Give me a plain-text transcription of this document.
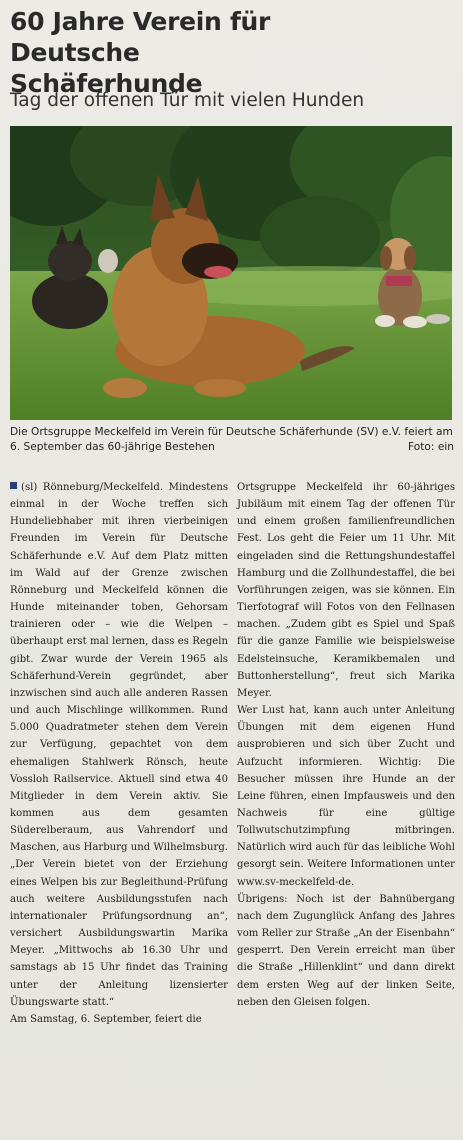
60 Jahre Verein für Deutsche
Schäferhunde
Tag der offenen Tür mit vielen Hunden
Die Ortsgruppe Meckelfeld im Verein für Deutsche Schäferhunde (SV) e.V. feiert am 6. September das 60-jährige Bestehen	Foto: ein

(sl) Rönneburg/Meckelfeld. Mindestens einmal in der Woche treffen sich Hundeliebhaber mit ihren vierbeinigen Freunden im Verein für Deutsche Schäferhunde e.V. Auf dem Platz mitten im Wald auf der Grenze zwischen Rönneburg und Meckelfeld können die Hunde miteinander toben, Gehorsam trainieren oder – wie die Welpen – überhaupt erst mal lernen, dass es Regeln gibt. Zwar wurde der Verein 1965 als Schäferhund-Verein gegründet, aber inzwischen sind auch alle anderen Rassen und auch Mischlinge willkommen. Rund 5.000 Quadratmeter stehen dem Verein zur Verfügung, gepachtet von dem ehemaligen Stahlwerk Rönsch, heute Vossloh Railservice. Aktuell sind etwa 40 Mitglieder in dem Verein aktiv. Sie kommen aus dem gesamten Süderelberaum, aus Vahrendorf und Maschen, aus Harburg und Wilhelmsburg. „Der Verein bietet von der Erziehung eines Welpen bis zur Begleithund-Prüfung auch weitere Ausbildungsstufen nach internationaler Prüfungsordnung an“, versichert Ausbildungswartin Marika Meyer. „Mittwochs ab 16.30 Uhr und samstags ab 15 Uhr findet das Training unter der Anleitung lizensierter Übungswarte statt.“

Am Samstag, 6. September, feiert die

Ortsgruppe Meckelfeld ihr 60-jähriges Jubiläum mit einem Tag der offenen Tür und einem großen familienfreundlichen Fest. Los geht die Feier um 11 Uhr. Mit eingeladen sind die Rettungshundestaffel Hamburg und die Zollhundestaffel, die bei Vorführungen zeigen, was sie können. Ein Tierfotograf will Fotos von den Fellnasen machen. „Zudem gibt es Spiel und Spaß für die ganze Familie wie beispielsweise Edelsteinsuche, Keramikbemalen und Buttonherstellung“, freut sich Marika Meyer.

Wer Lust hat, kann auch unter Anleitung Übungen mit dem eigenen Hund ausprobieren und sich über Zucht und Aufzucht informieren. Wichtig: Die Besucher müssen ihre Hunde an der Leine führen, einen Impfausweis und den Nachweis für eine gültige Tollwutschutzimpfung mitbringen. Natürlich wird auch für das leibliche Wohl gesorgt sein. Weitere Informationen unter www.sv-meckelfeld-de.

Übrigens: Noch ist der Bahnübergang nach dem Zugunglück Anfang des Jahres vom Reller zur Straße „An der Eisenbahn“ gesperrt. Den Verein erreicht man über die Straße „Hillenklint“ und dann direkt dem ersten Weg auf der linken Seite, neben den Gleisen folgen.
